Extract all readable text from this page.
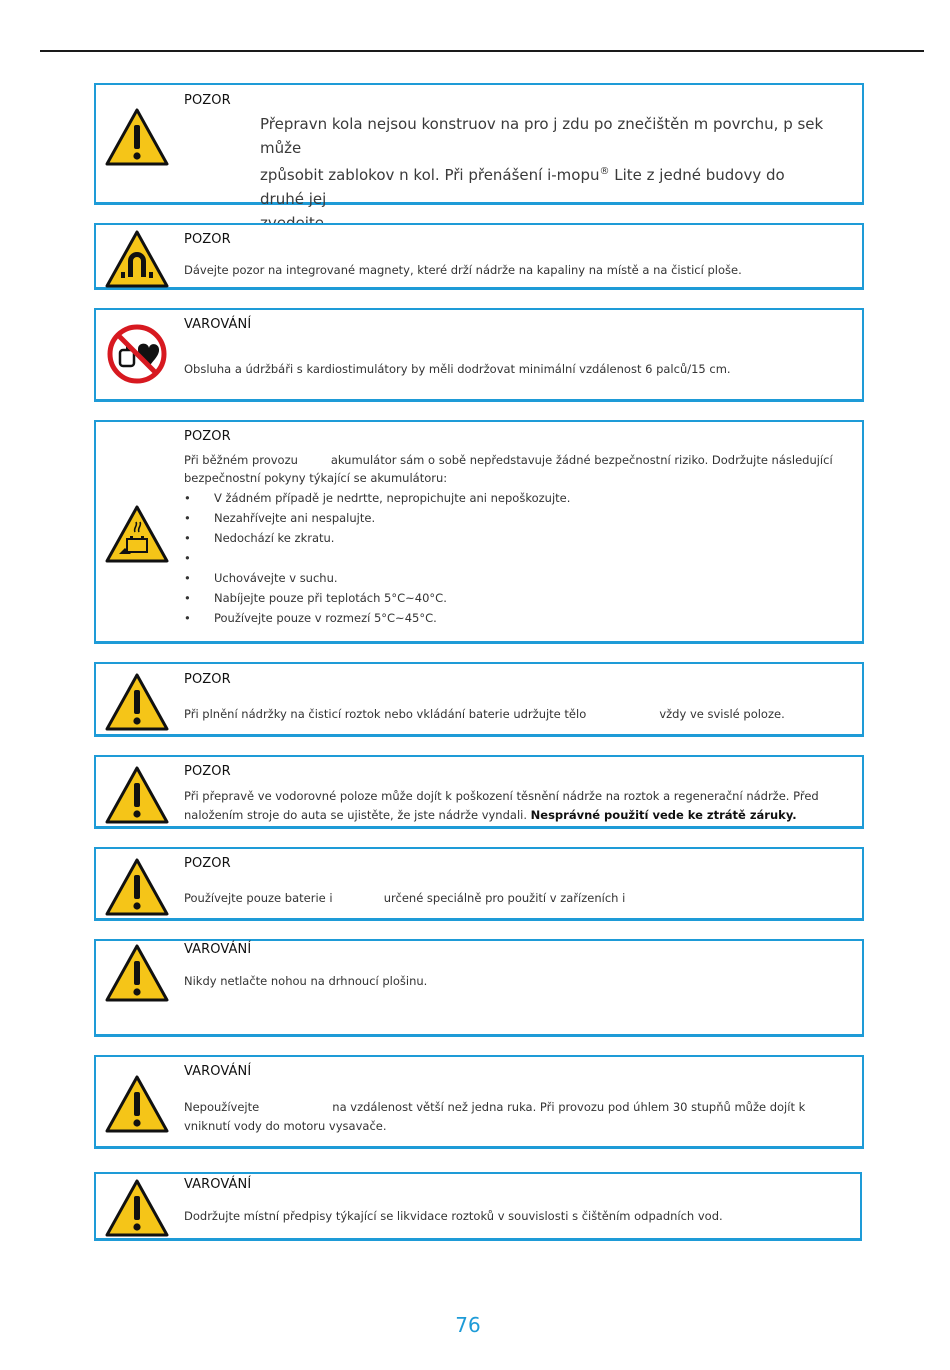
POZOR
Přepravn kola nejsou konstruov na pro j zdu po znečištěn m povrchu, p sek může
způsobit zablokov n kol. Při přenášení i-mopu® Lite z jedné budovy do druhé jej
POZOR
Dávejte pozor na integrované magnety, které drží nádrže na kapaliny na místě a na čisticí ploše.
VAROVÁNÍ
Obsluha a údržbáři s kardiostimulátory by měli dodržovat minimální vzdálenost 6 palců/15 cm.
POZOR
Při běžném provozu         akumulátor sám o sobě nepředstavuje žádné bezpečnostní riziko. Dodržujte následující
bezpečnostní pokyny týkající se akumulátoru:
• V žádném případě je nedrtte, nepropichujte ani nepoškozujte.
• Nezahřívejte ani nespalujte.
• Nedochází ke zkratu.
•
• Uchovávejte v suchu.
• Nabíjejte pouze při teplotách 5°C~40°C.
• Používejte pouze v rozmezí 5°C~45°C.
POZOR
Při plnění nádržky na čisticí roztok nebo vkládání baterie udržujte tělo                    vždy ve svislé poloze.
POZOR
Při přepravě ve vodorovné poloze může dojít k poškození těsnění nádrže na roztok a regenerační nádrže. Před
naložením stroje do auta se ujistěte, že jste nádrže vyndali. Nesprávné použití vede ke ztrátě záruky.
POZOR
Používejte pouze baterie i              určené speciálně pro použití v zařízeních i
VAROVÁNÍ
Nikdy netlačte nohou na drhnoucí plošinu.
VAROVÁNÍ
Nepoužívejte                    na vzdálenost větší než jedna ruka. Při provozu pod úhlem 30 stupňů může dojít k
vniknutí vody do motoru vysavače.
VAROVÁNÍ
Dodržujte místní předpisy týkající se likvidace roztoků v souvislosti s čištěním odpadních vod.
76
